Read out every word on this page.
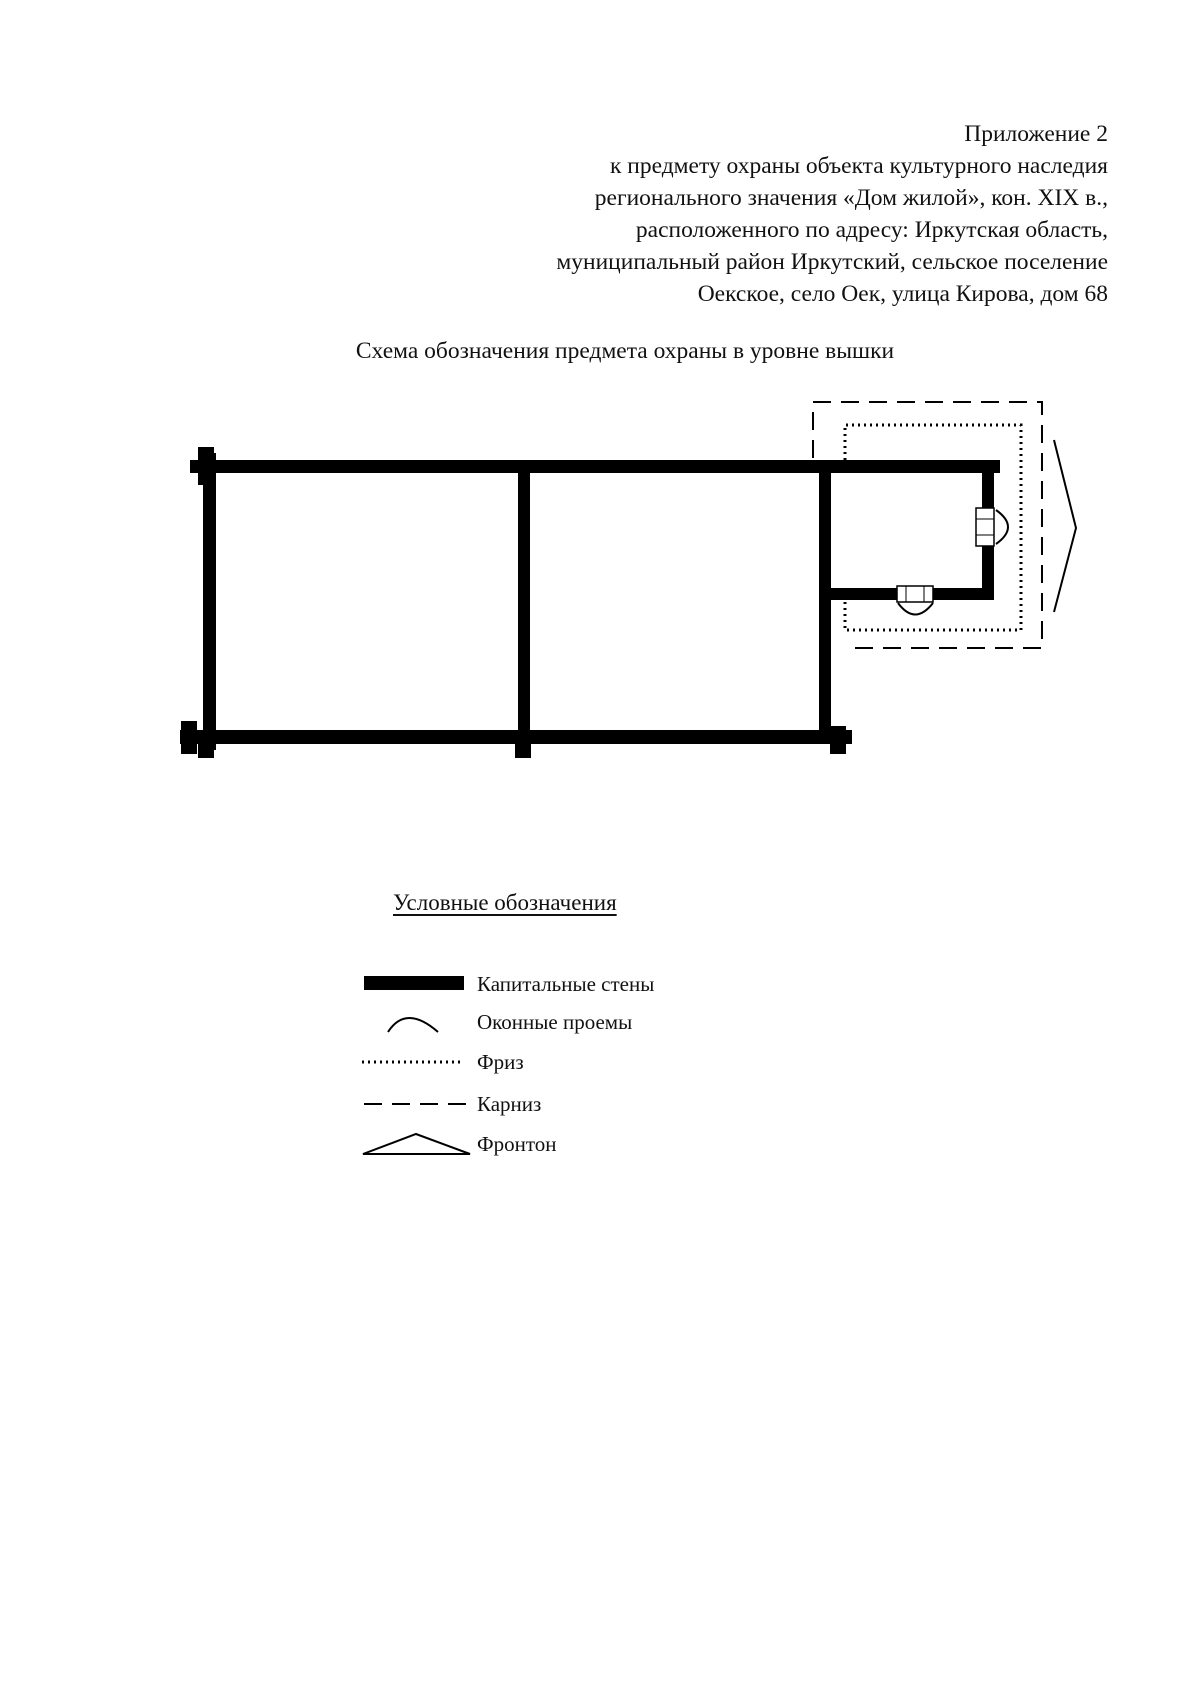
Приложение 2
к предмету охраны объекта культурного наследия
регионального значения «Дом жилой», кон. XIX в.,
расположенного по адресу: Иркутская область,
муниципальный район Иркутский, сельское поселение
Оекское, село Оек, улица Кирова, дом 68
Схема обозначения предмета охраны в уровне вышки
Условные обозначения
Капитальные стены
Оконные проемы
Фриз
Карниз
Фронтон
